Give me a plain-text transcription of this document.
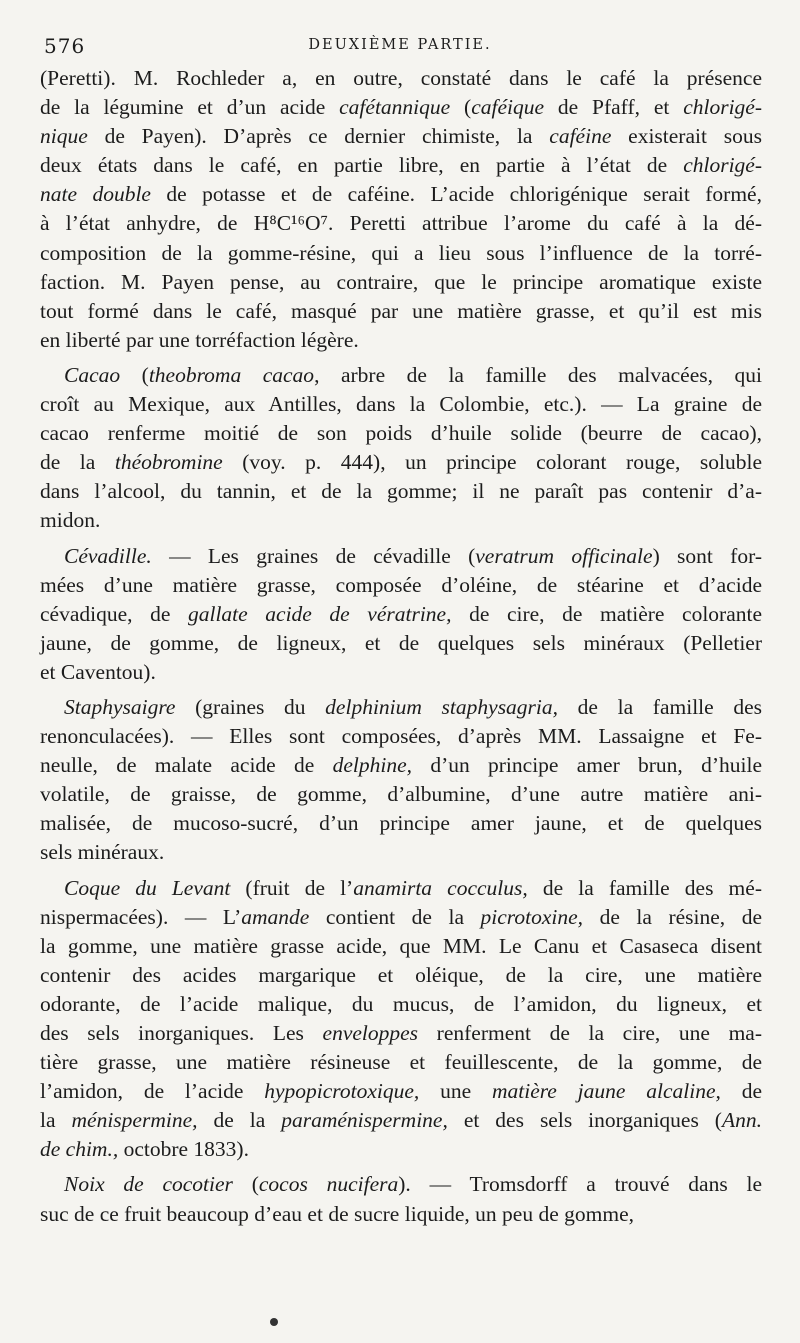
576	DEUXIÈME PARTIE.
(Peretti). M. Rochleder a, en outre, constaté dans le café la présence
de la légumine et d’un acide cafétannique (caféique de Pfaff, et chlorigé-
nique de Payen). D’après ce dernier chimiste, la caféine existerait sous
deux états dans le café, en partie libre, en partie à l’état de chlorigé-
nate double de potasse et de caféine. L’acide chlorigénique serait formé,
à l’état anhydre, de H⁸C¹⁶O⁷. Peretti attribue l’arome du café à la dé-
composition de la gomme-résine, qui a lieu sous l’influence de la torré-
faction. M. Payen pense, au contraire, que le principe aromatique existe
tout formé dans le café, masqué par une matière grasse, et qu’il est mis
en liberté par une torréfaction légère.
Cacao (theobroma cacao, arbre de la famille des malvacées, qui
croît au Mexique, aux Antilles, dans la Colombie, etc.). — La graine de
cacao renferme moitié de son poids d’huile solide (beurre de cacao),
de la théobromine (voy. p. 444), un principe colorant rouge, soluble
dans l’alcool, du tannin, et de la gomme; il ne paraît pas contenir d’a-
midon.
Cévadille. — Les graines de cévadille (veratrum officinale) sont for-
mées d’une matière grasse, composée d’oléine, de stéarine et d’acide
cévadique, de gallate acide de vératrine, de cire, de matière colorante
jaune, de gomme, de ligneux, et de quelques sels minéraux (Pelletier
et Caventou).
Staphysaigre (graines du delphinium staphysagria, de la famille des
renonculacées). — Elles sont composées, d’après MM. Lassaigne et Fe-
neulle, de malate acide de delphine, d’un principe amer brun, d’huile
volatile, de graisse, de gomme, d’albumine, d’une autre matière ani-
malisée, de mucoso-sucré, d’un principe amer jaune, et de quelques
sels minéraux.
Coque du Levant (fruit de l’anamirta cocculus, de la famille des mé-
nispermacées). — L’amande contient de la picrotoxine, de la résine, de
la gomme, une matière grasse acide, que MM. Le Canu et Casaseca disent
contenir des acides margarique et oléique, de la cire, une matière
odorante, de l’acide malique, du mucus, de l’amidon, du ligneux, et
des sels inorganiques. Les enveloppes renferment de la cire, une ma-
tière grasse, une matière résineuse et feuillescente, de la gomme, de
l’amidon, de l’acide hypopicrotoxique, une matière jaune alcaline, de
la ménispermine, de la paraménispermine, et des sels inorganiques (Ann.
de chim., octobre 1833).
Noix de cocotier (cocos nucifera). — Tromsdorff a trouvé dans le
suc de ce fruit beaucoup d’eau et de sucre liquide, un peu de gomme,
